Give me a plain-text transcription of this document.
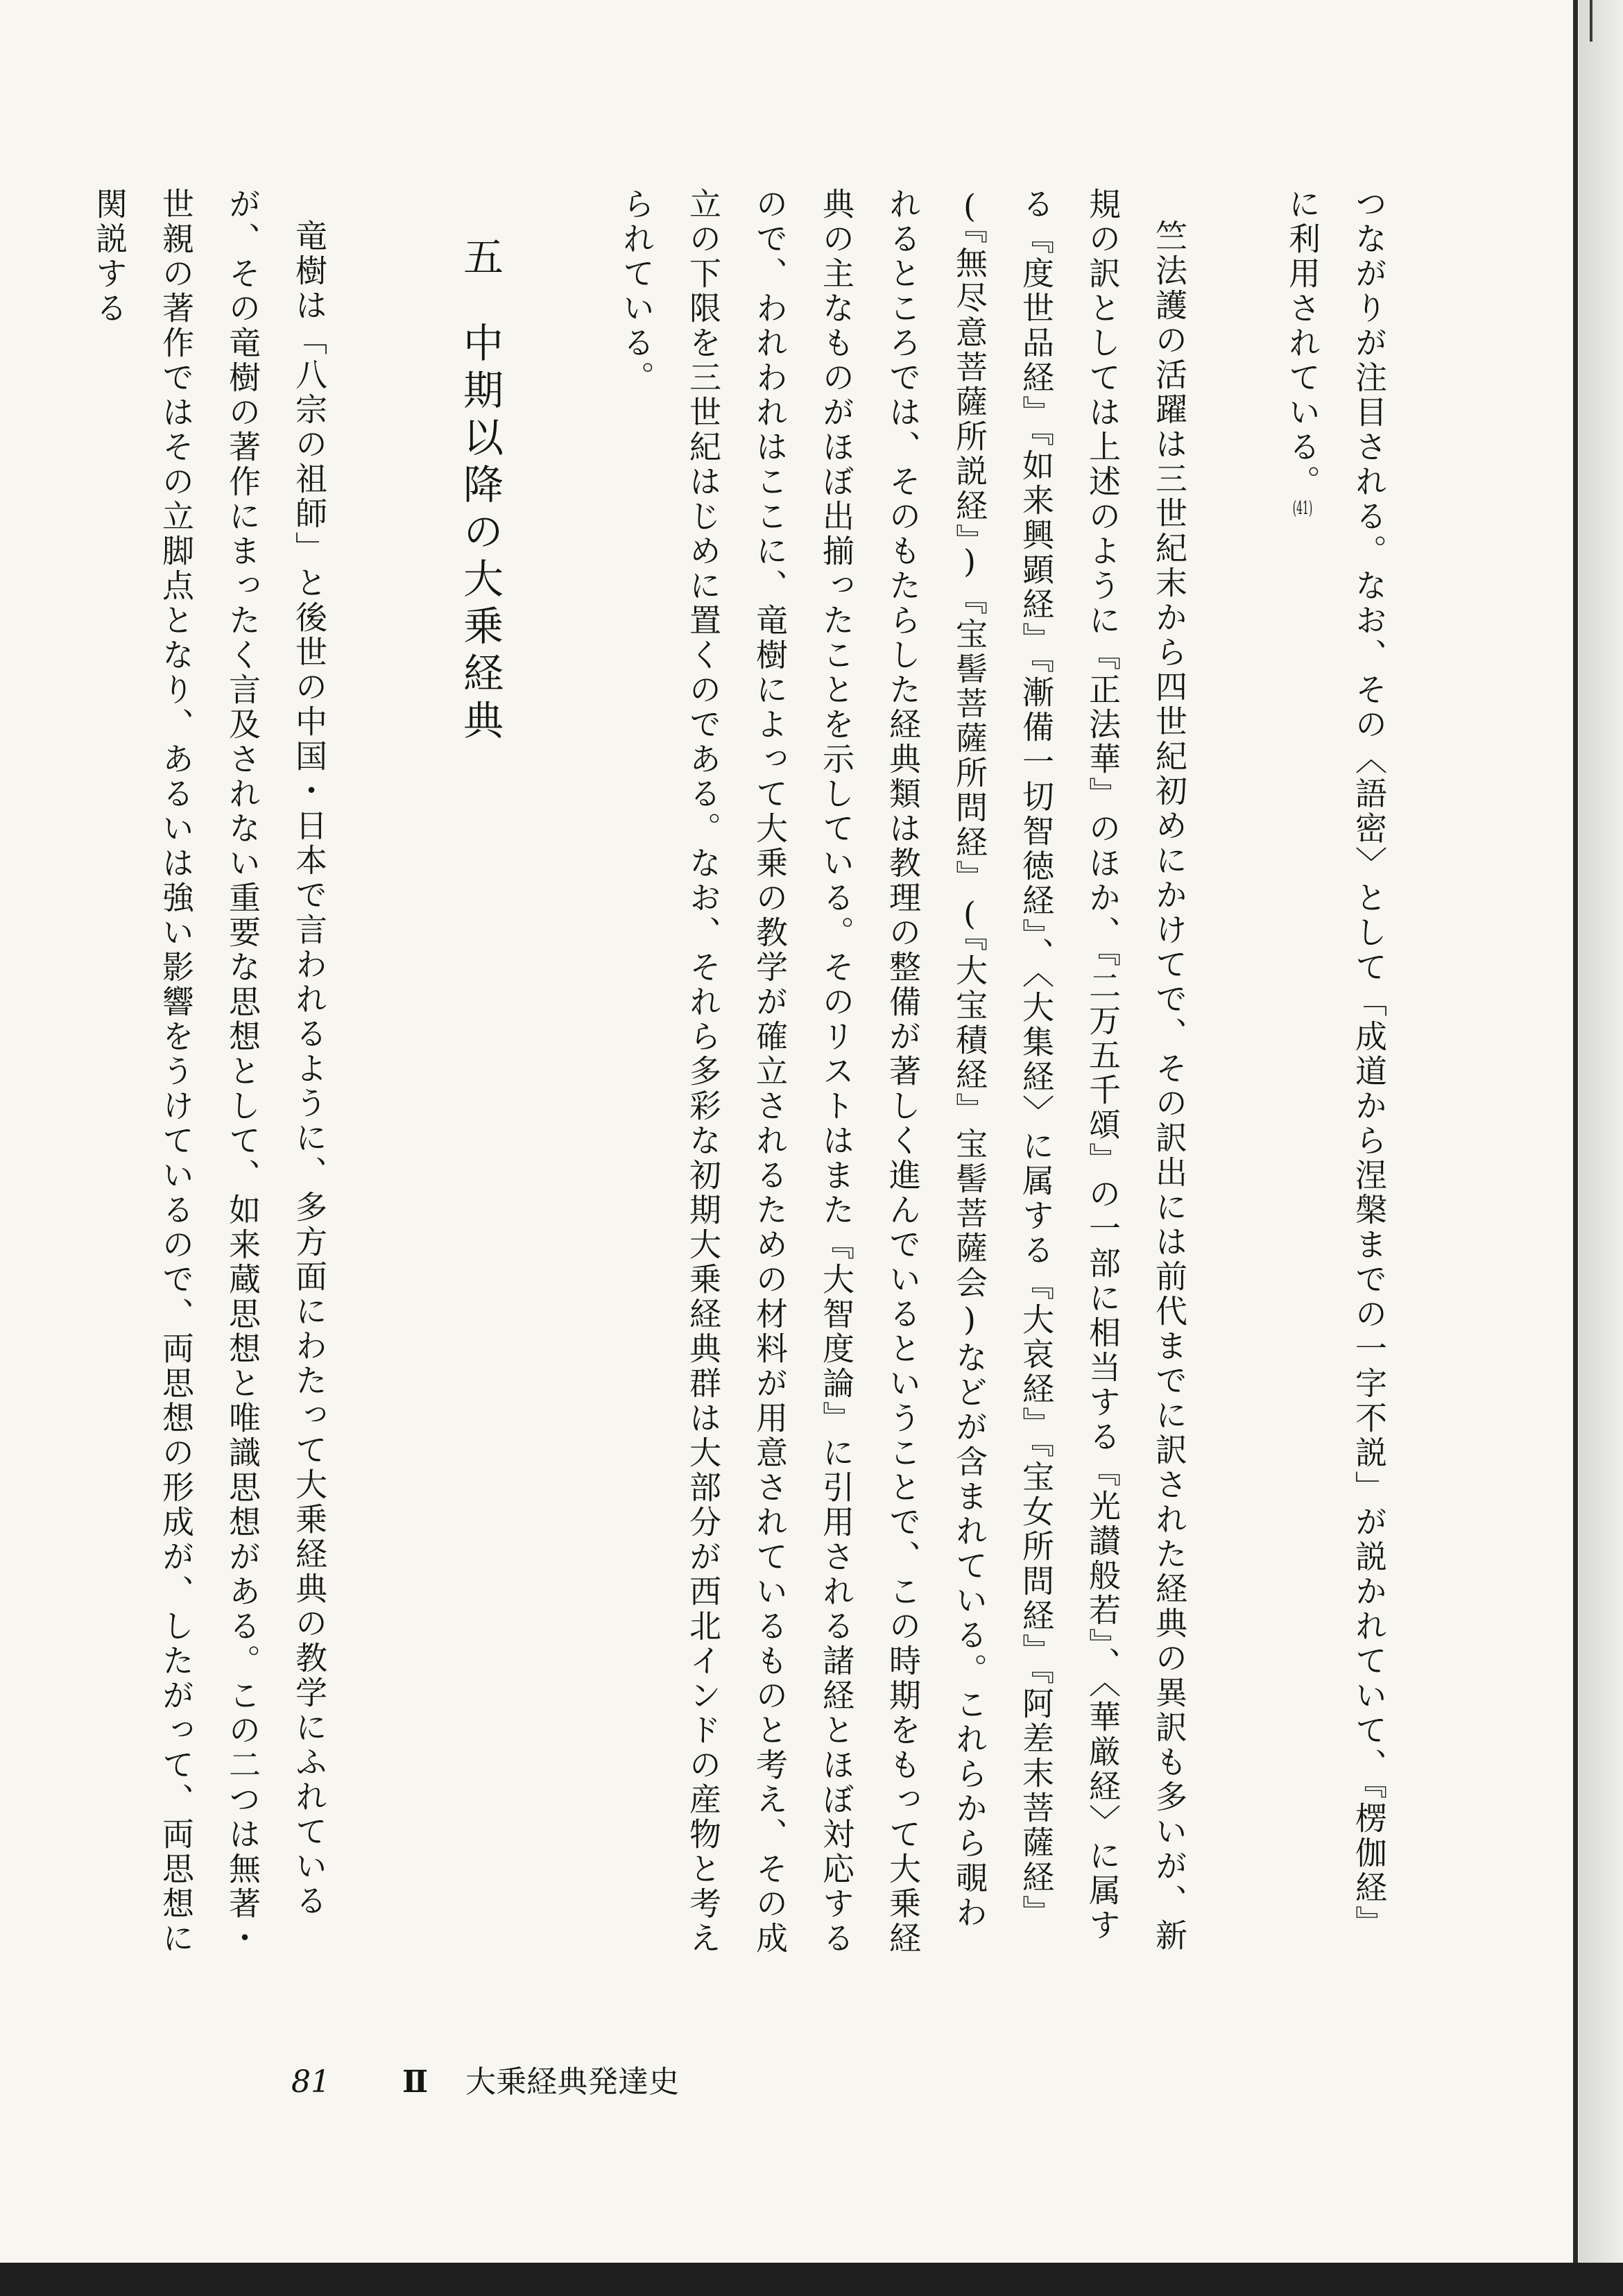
つながりが注目される。なお、その〈語密〉として「成道から涅槃までの一字不説」が説かれていて、『楞伽経』に利用されている。(41)

竺法護の活躍は三世紀末から四世紀初めにかけてで、その訳出には前代までに訳された経典の異訳も多いが、新規の訳としては上述のように『正法華』のほか、『二万五千頌』の一部に相当する『光讃般若』、〈華厳経〉に属する『度世品経』『如来興顕経』『漸備一切智徳経』、〈大集経〉に属する『大哀経』『宝女所問経』『阿差末菩薩経』(『無尽意菩薩所説経』)『宝髻菩薩所問経』(『大宝積経』宝髻菩薩会)などが含まれている。これらから覗われるところでは、そのもたらした経典類は教理の整備が著しく進んでいるということで、この時期をもって大乗経典の主なものがほぼ出揃ったことを示している。そのリストはまた『大智度論』に引用される諸経とほぼ対応するので、われわれはここに、竜樹によって大乗の教学が確立されるための材料が用意されているものと考え、その成立の下限を三世紀はじめに置くのである。なお、それら多彩な初期大乗経典群は大部分が西北インドの産物と考えられている。

五中期以降の大乗経典

竜樹は「八宗の祖師」と後世の中国・日本で言われるように、多方面にわたって大乗経典の教学にふれているが、その竜樹の著作にまったく言及されない重要な思想として、如来蔵思想と唯識思想がある。この二つは無著・世親の著作ではその立脚点となり、あるいは強い影響をうけているので、両思想の形成が、したがって、両思想に関説する

81 Ⅱ 大乗経典発達史
